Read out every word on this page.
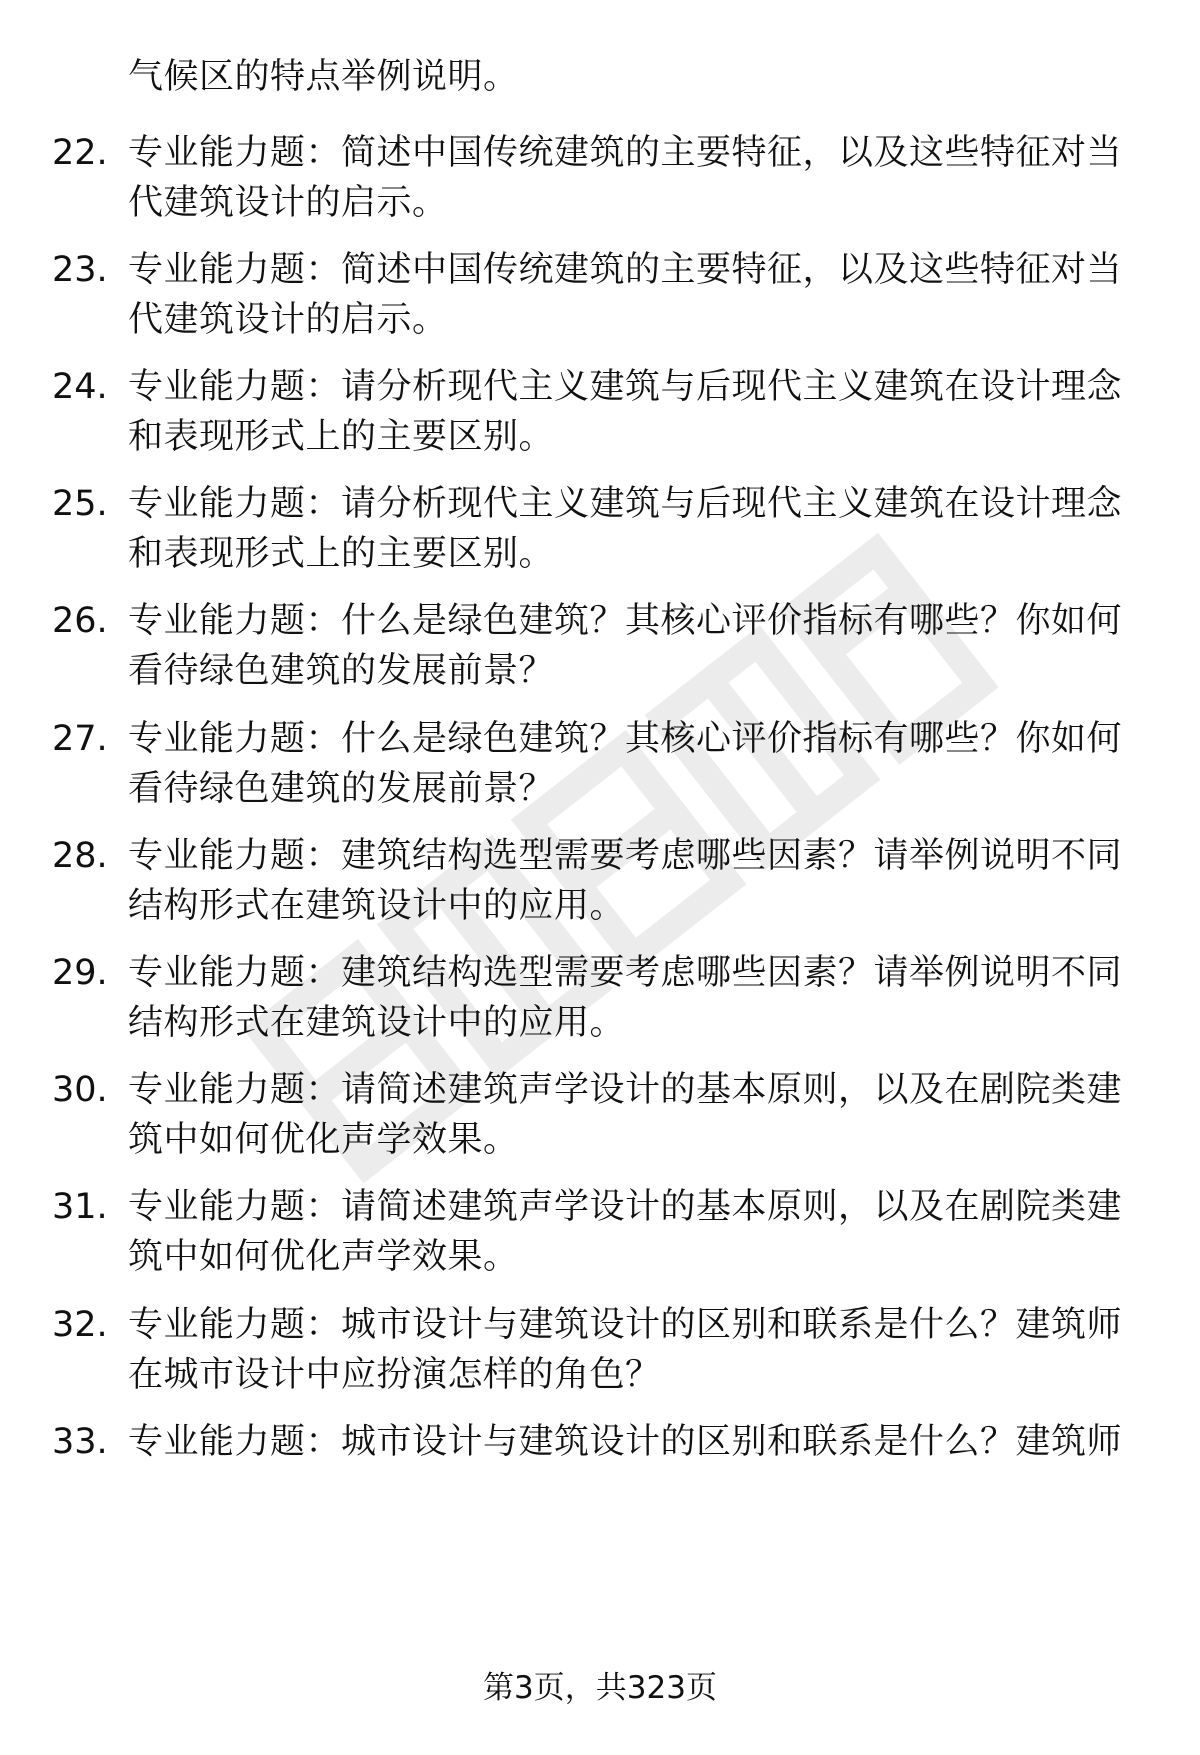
气候区的特点举例说明。
22. 专业能力题：简述中国传统建筑的主要特征，以及这些特征对当
代建筑设计的启示。
23. 专业能力题：简述中国传统建筑的主要特征，以及这些特征对当
代建筑设计的启示。
24. 专业能力题：请分析现代主义建筑与后现代主义建筑在设计理念
和表现形式上的主要区别。
25. 专业能力题：请分析现代主义建筑与后现代主义建筑在设计理念
和表现形式上的主要区别。
26. 专业能力题：什么是绿色建筑？其核心评价指标有哪些？你如何
看待绿色建筑的发展前景？
27. 专业能力题：什么是绿色建筑？其核心评价指标有哪些？你如何
看待绿色建筑的发展前景？
28. 专业能力题：建筑结构选型需要考虑哪些因素？请举例说明不同
结构形式在建筑设计中的应用。
29. 专业能力题：建筑结构选型需要考虑哪些因素？请举例说明不同
结构形式在建筑设计中的应用。
30. 专业能力题：请简述建筑声学设计的基本原则，以及在剧院类建
筑中如何优化声学效果。
31. 专业能力题：请简述建筑声学设计的基本原则，以及在剧院类建
筑中如何优化声学效果。
32. 专业能力题：城市设计与建筑设计的区别和联系是什么？建筑师
在城市设计中应扮演怎样的角色？
33. 专业能力题：城市设计与建筑设计的区别和联系是什么？建筑师
第3页，共323页
